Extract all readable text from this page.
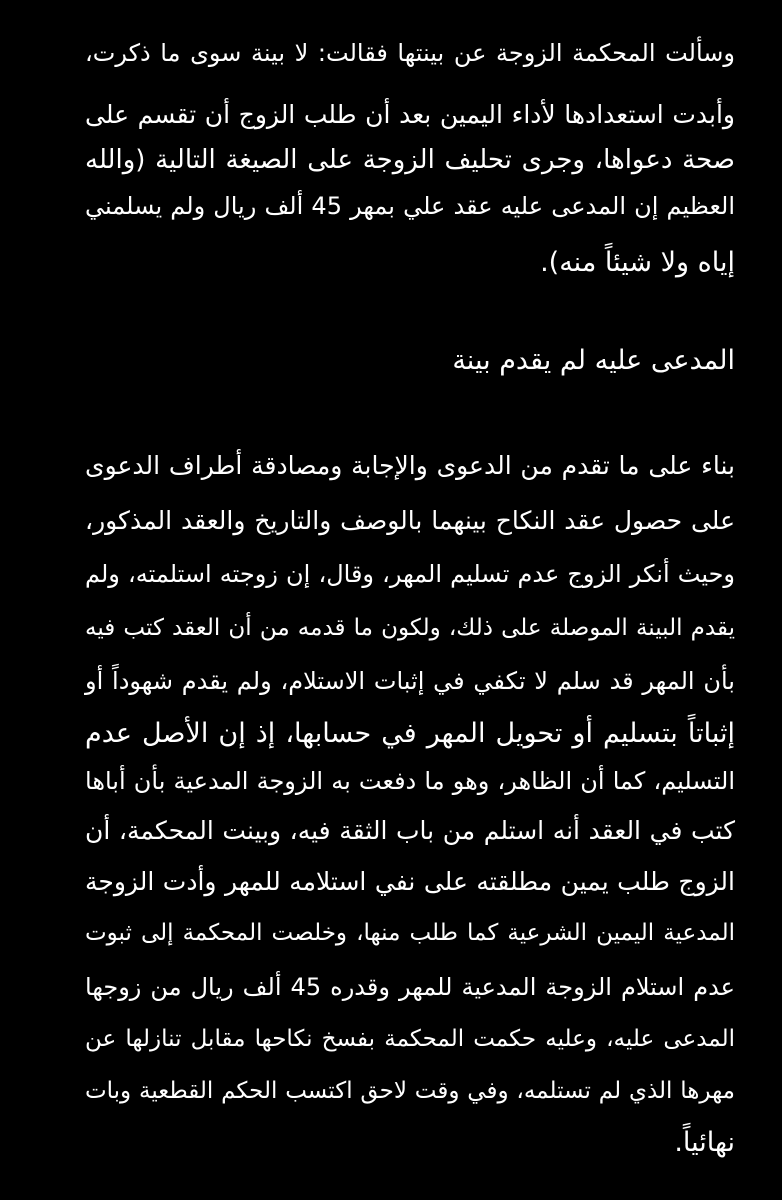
وسألت المحكمة الزوجة عن بينتها فقالت: لا بينة سوى ما ذكرت،
وأبدت استعدادها لأداء اليمين بعد أن طلب الزوج أن تقسم على
صحة دعواها، وجرى تحليف الزوجة على الصيغة التالية (والله
العظيم إن المدعى عليه عقد علي بمهر 45 ألف ريال ولم يسلمني
إياه ولا شيئاً منه).
المدعى عليه لم يقدم بينة
بناء على ما تقدم من الدعوى والإجابة ومصادقة أطراف الدعوى
على حصول عقد النكاح بينهما بالوصف والتاريخ والعقد المذكور،
وحيث أنكر الزوج عدم تسليم المهر، وقال، إن زوجته استلمته، ولم
يقدم البينة الموصلة على ذلك، ولكون ما قدمه من أن العقد كتب فيه
بأن المهر قد سلم لا تكفي في إثبات الاستلام، ولم يقدم شهوداً أو
إثباتاً بتسليم أو تحويل المهر في حسابها، إذ إن الأصل عدم
التسليم، كما أن الظاهر، وهو ما دفعت به الزوجة المدعية بأن أباها
كتب في العقد أنه استلم من باب الثقة فيه، وبينت المحكمة، أن
الزوج طلب يمين مطلقته على نفي استلامه للمهر وأدت الزوجة
المدعية اليمين الشرعية كما طلب منها، وخلصت المحكمة إلى ثبوت
عدم استلام الزوجة المدعية للمهر وقدره 45 ألف ريال من زوجها
المدعى عليه، وعليه حكمت المحكمة بفسخ نكاحها مقابل تنازلها عن
مهرها الذي لم تستلمه، وفي وقت لاحق اكتسب الحكم القطعية وبات
نهائياً.
